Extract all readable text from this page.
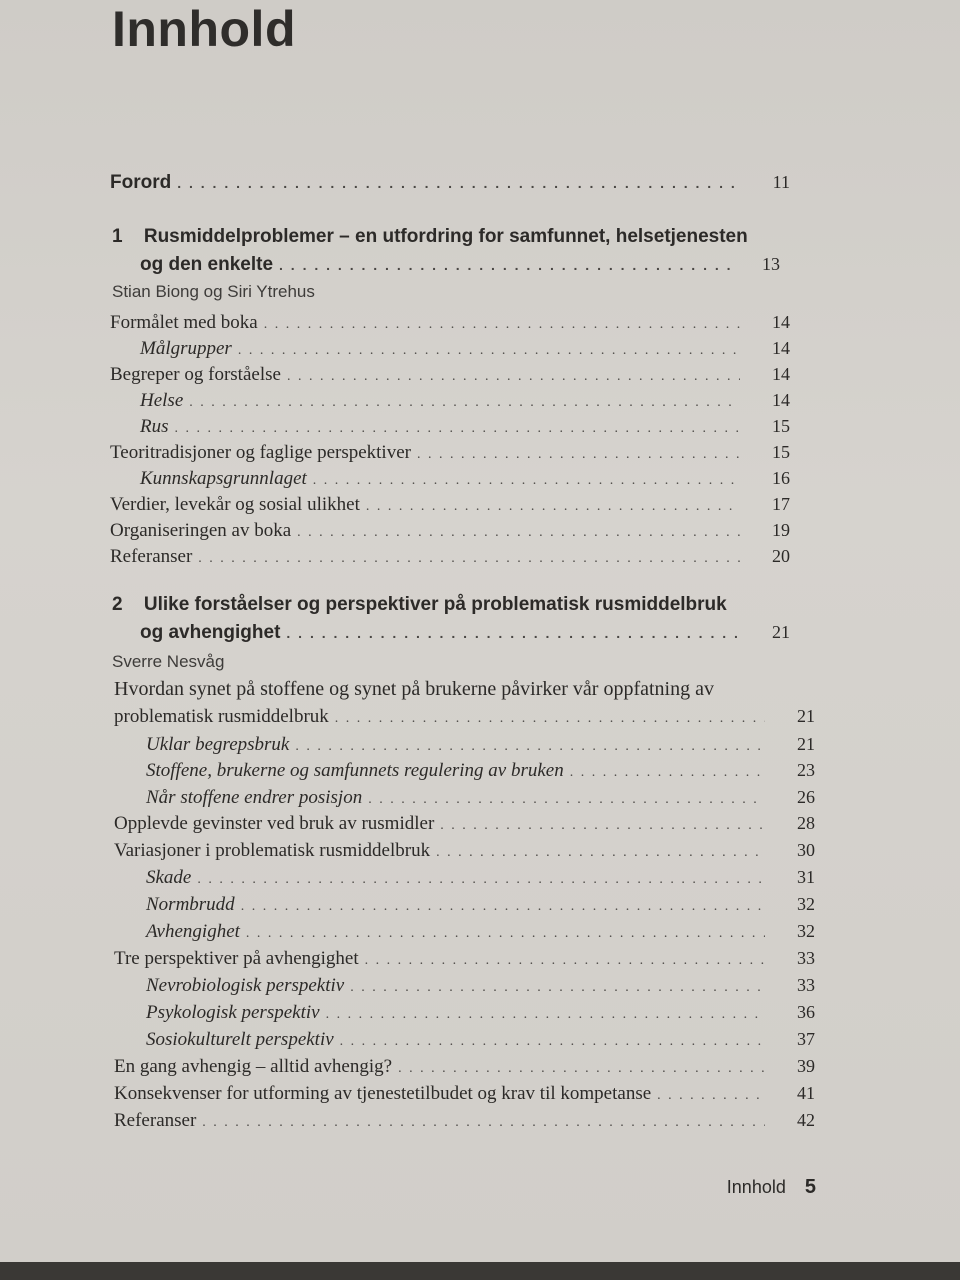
Innhold
Forord . . .	11
1 Rusmiddelproblemer – en utfordring for samfunnet, helsetjenesten
og den enkelte . . .	13
Stian Biong og Siri Ytrehus
Formålet med boka . . .	14
Målgrupper . . .	14
Begreper og forståelse . . .	14
Helse . . .	14
Rus . . .	15
Teoritradisjoner og faglige perspektiver . . .	15
Kunnskapsgrunnlaget . . .	16
Verdier, levekår og sosial ulikhet . . .	17
Organiseringen av boka . . .	19
Referanser . . .	20
2 Ulike forståelser og perspektiver på problematisk rusmiddelbruk
og avhengighet . . .	21
Sverre Nesvåg
Hvordan synet på stoffene og synet på brukerne påvirker vår oppfatning av
problematisk rusmiddelbruk . . .	21
Uklar begrepsbruk . . .	21
Stoffene, brukerne og samfunnets regulering av bruken . . .	23
Når stoffene endrer posisjon . . .	26
Opplevde gevinster ved bruk av rusmidler . . .	28
Variasjoner i problematisk rusmiddelbruk . . .	30
Skade . . .	31
Normbrudd . . .	32
Avhengighet . . .	32
Tre perspektiver på avhengighet . . .	33
Nevrobiologisk perspektiv . . .	33
Psykologisk perspektiv . . .	36
Sosiokulturelt perspektiv . . .	37
En gang avhengig – alltid avhengig? . . .	39
Konsekvenser for utforming av tjenestetilbudet og krav til kompetanse . . .	41
Referanser . . .	42
Innhold 5
